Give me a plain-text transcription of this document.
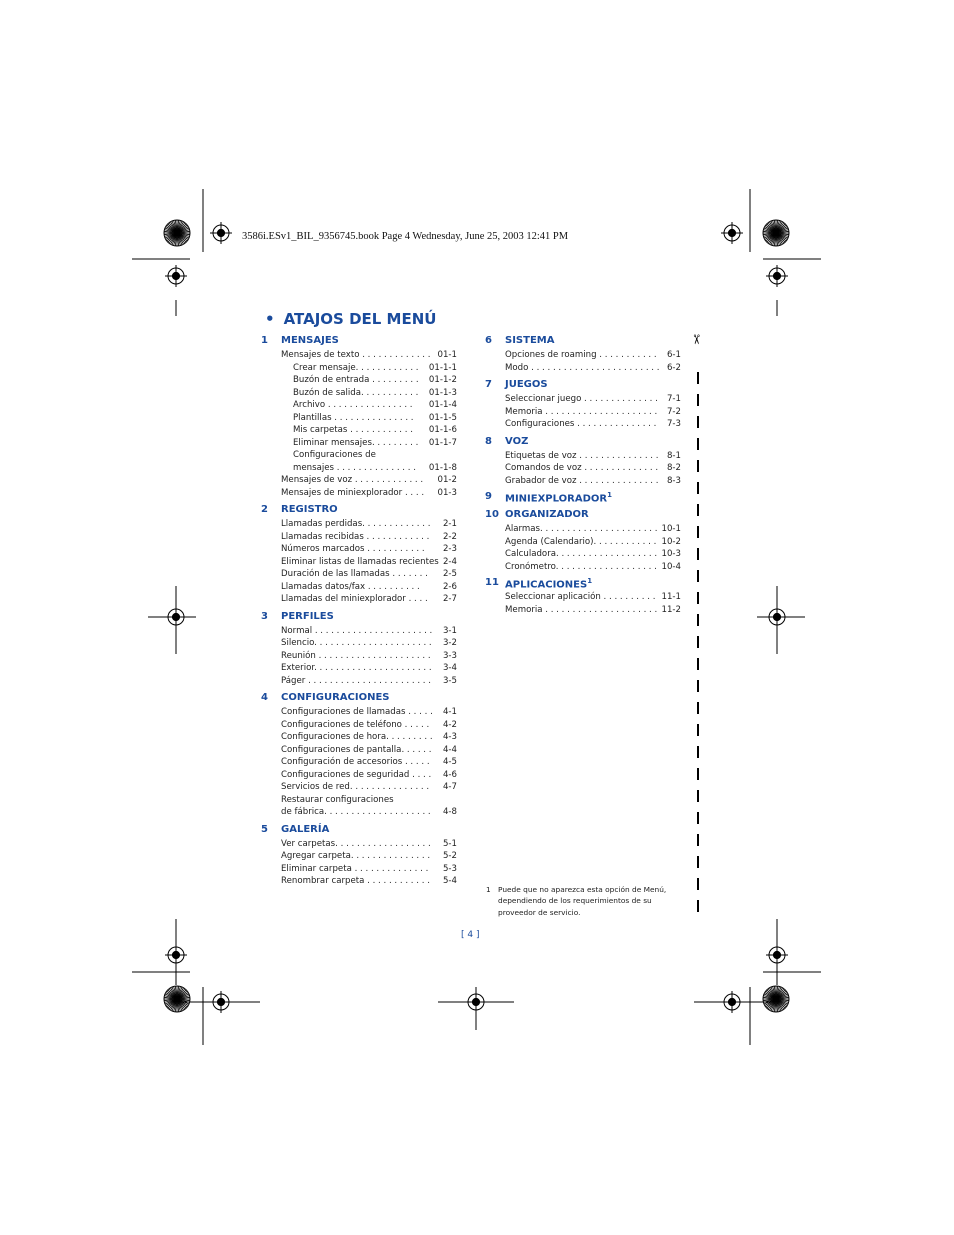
3586i.ESv1_BIL_9356745.book Page 4 Wednesday, June 25, 2003 12:41 PM
• ATAJOS DEL MENÚ
1 MENSAJES
Mensajes de texto . . . . . . . . . . . . . 01-1
Crear mensaje. . . . . . . . . . . . 01-1-1
Buzón de entrada . . . . . . . . . 01-1-2
Buzón de salida. . . . . . . . . . . 01-1-3
Archivo . . . . . . . . . . . . . . . . 01-1-4
Plantillas . . . . . . . . . . . . . . . 01-1-5
Mis carpetas . . . . . . . . . . . . 01-1-6
Eliminar mensajes. . . . . . . . . 01-1-7
Configuraciones de
mensajes . . . . . . . . . . . . . . . 01-1-8
Mensajes de voz . . . . . . . . . . . . . 01-2
Mensajes de miniexplorador . . . . 01-3
2 REGISTRO
Llamadas perdidas. . . . . . . . . . . . . 2-1
Llamadas recibidas . . . . . . . . . . . . 2-2
Números marcados . . . . . . . . . . . 2-3
Eliminar listas de llamadas recientes 2-4
Duración de las llamadas . . . . . . . 2-5
Llamadas datos/fax . . . . . . . . . .	2-6
Llamadas del miniexplorador . . . . 2-7
3 PERFILES
Normal . . . . . . . . . . . . . . . . . . . . . . 3-1
Silencio. . . . . . . . . . . . . . . . . . . . . . 3-2
Reunión . . . . . . . . . . . . . . . . . . . . . 3-3
Exterior. . . . . . . . . . . . . . . . . . . . . . 3-4
Páger . . . . . . . . . . . . . . . . . . . . . . . 3-5
4 CONFIGURACIONES
Configuraciones de llamadas . . . . . 4-1
Configuraciones de teléfono . . . . . 4-2
Configuraciones de hora. . . . . . . . . 4-3
Configuraciones de pantalla. . . . . . 4-4
Configuración de accesorios . . . . . 4-5
Configuraciones de seguridad . . . . 4-6
Servicios de red. . . . . . . . . . . . . . . 4-7
Restaurar configuraciones
de fábrica. . . . . . . . . . . . . . . . . . . . 4-8
5 GALERÍA
Ver carpetas. . . . . . . . . . . . . . . . . . 5-1
Agregar carpeta. . . . . . . . . . . . . . . 5-2
Eliminar carpeta . . . . . . . . . . . . . . 5-3
Renombrar carpeta . . . . . . . . . . . . 5-4
6 SISTEMA
Opciones de roaming . . . . . . . . . . . 6-1
Modo . . . . . . . . . . . . . . . . . . . . . . . . 6-2
7 JUEGOS
Seleccionar juego . . . . . . . . . . . . . . 7-1
Memoria . . . . . . . . . . . . . . . . . . . . . 7-2
Configuraciones . . . . . . . . . . . . . . . 7-3
8 VOZ
Etiquetas de voz . . . . . . . . . . . . . . . 8-1
Comandos de voz . . . . . . . . . . . . . . 8-2
Grabador de voz . . . . . . . . . . . . . . . 8-3
9 MINIEXPLORADOR$^1$
10 ORGANIZADOR
Alarmas. . . . . . . . . . . . . . . . . . . . . . 10-1
Agenda (Calendario). . . . . . . . . . . . 10-2
Calculadora. . . . . . . . . . . . . . . . . . . 10-3
Cronómetro. . . . . . . . . . . . . . . . . . . 10-4
11 APLICACIONES$^1$
Seleccionar aplicación . . . . . . . . . . 11-1
Memoria . . . . . . . . . . . . . . . . . . . . . 11-2
1 Puede que no aparezca esta opción de Menú, dependiendo de los requerimientos de su proveedor de servicio.
[ 4 ]
✂
